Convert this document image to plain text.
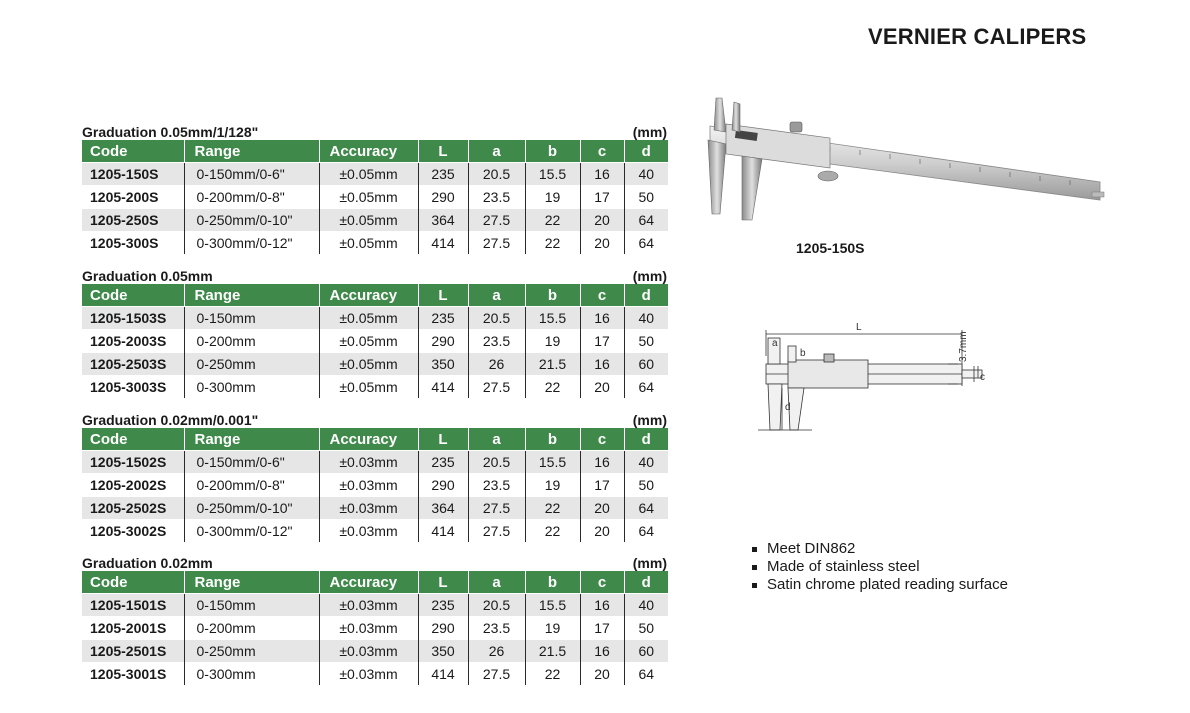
VERNIER CALIPERS
Graduation 0.05mm/1/128"	(mm)
Code	Range	Accuracy	L	a	b	c	d
1205-150S	0-150mm/0-6"	±0.05mm	235	20.5	15.5	16	40
1205-200S	0-200mm/0-8"	±0.05mm	290	23.5	19	17	50
1205-250S	0-250mm/0-10"	±0.05mm	364	27.5	22	20	64
1205-300S	0-300mm/0-12"	±0.05mm	414	27.5	22	20	64
Graduation 0.05mm	(mm)
Code	Range	Accuracy	L	a	b	c	d
1205-1503S	0-150mm	±0.05mm	235	20.5	15.5	16	40
1205-2003S	0-200mm	±0.05mm	290	23.5	19	17	50
1205-2503S	0-250mm	±0.05mm	350	26	21.5	16	60
1205-3003S	0-300mm	±0.05mm	414	27.5	22	20	64
Graduation 0.02mm/0.001"	(mm)
Code	Range	Accuracy	L	a	b	c	d
1205-1502S	0-150mm/0-6"	±0.03mm	235	20.5	15.5	16	40
1205-2002S	0-200mm/0-8"	±0.03mm	290	23.5	19	17	50
1205-2502S	0-250mm/0-10"	±0.03mm	364	27.5	22	20	64
1205-3002S	0-300mm/0-12"	±0.03mm	414	27.5	22	20	64
Graduation 0.02mm	(mm)
Code	Range	Accuracy	L	a	b	c	d
1205-1501S	0-150mm	±0.03mm	235	20.5	15.5	16	40
1205-2001S	0-200mm	±0.03mm	290	23.5	19	17	50
1205-2501S	0-250mm	±0.03mm	350	26	21.5	16	60
1205-3001S	0-300mm	±0.03mm	414	27.5	22	20	64
1205-150S
L
a
b
c
d
3.7mm
Meet DIN862
Made of stainless steel
Satin chrome plated reading surface
